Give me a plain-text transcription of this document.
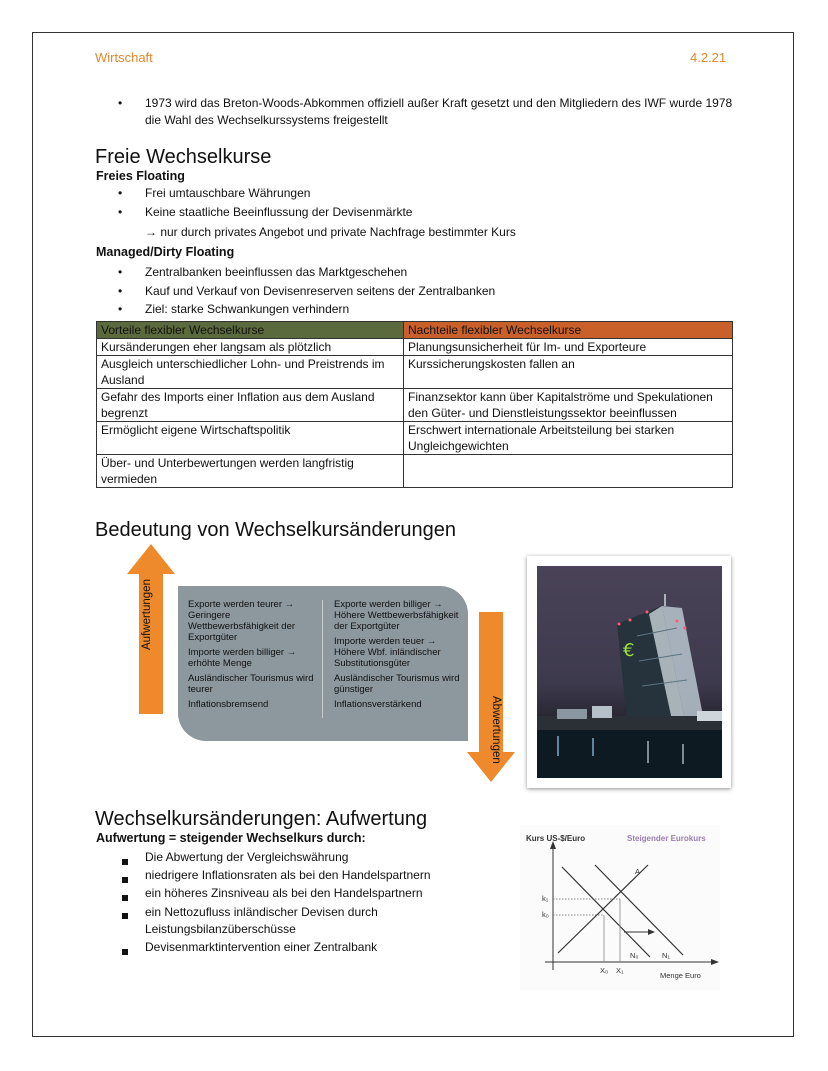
Wirtschaft	4.2.21
•	1973 wird das Breton-Woods-Abkommen offiziell außer Kraft gesetzt und den Mitgliedern des IWF wurde 1978 die Wahl des Wechselkurssystems freigestellt
Freie Wechselkurse
Freies Floating
• Frei umtauschbare Währungen
• Keine staatliche Beeinflussung der Devisenmärkte
→ nur durch privates Angebot und private Nachfrage bestimmter Kurs
Managed/Dirty Floating
• Zentralbanken beeinflussen das Marktgeschehen
• Kauf und Verkauf von Devisenreserven seitens der Zentralbanken
• Ziel: starke Schwankungen verhindern
Vorteile flexibler Wechselkurse	Nachteile flexibler Wechselkurse
Kursänderungen eher langsam als plötzlich	Planungsunsicherheit für Im- und Exporteure
Ausgleich unterschiedlicher Lohn- und Preistrends im Ausland	Kurssicherungskosten fallen an
Gefahr des Imports einer Inflation aus dem Ausland begrenzt	Finanzsektor kann über Kapitalströme und Spekulationen den Güter- und Dienstleistungssektor beeinflussen
Ermöglicht eigene Wirtschaftspolitik	Erschwert internationale Arbeitsteilung bei starken Ungleichgewichten
Über- und Unterbewertungen werden langfristig vermieden	
Bedeutung von Wechselkursänderungen
Aufwertungen	Exporte werden teurer → Geringere Wettbewerbsfähigkeit der Exportgüter

Importe werden billiger → erhöhte Menge

Ausländischer Tourismus wird teurer

Inflationsbremsend

Exporte werden billiger → Höhere Wettbewerbsfähigkeit der Exportgüter

Importe werden teuer → Höhere Wbf. inländischer Substitutionsgüter

Ausländischer Tourismus wird günstiger

Inflationsverstärkend	Abwertungen
€
Wechselkursänderungen: Aufwertung
Aufwertung = steigender Wechselkurs durch:
Die Abwertung der Vergleichswährung
niedrigere Inflationsraten als bei den Handelspartnern
ein höheres Zinsniveau als bei den Handelspartnern
ein Nettozufluss inländischer Devisen durch Leistungsbilanzüberschüsse
Devisenmarktintervention einer Zentralbank
Kurs US-$/Euro	Steigender Eurokurs
A
k₁
k₀
N₀	N₁
X₀ X₁
Menge Euro
